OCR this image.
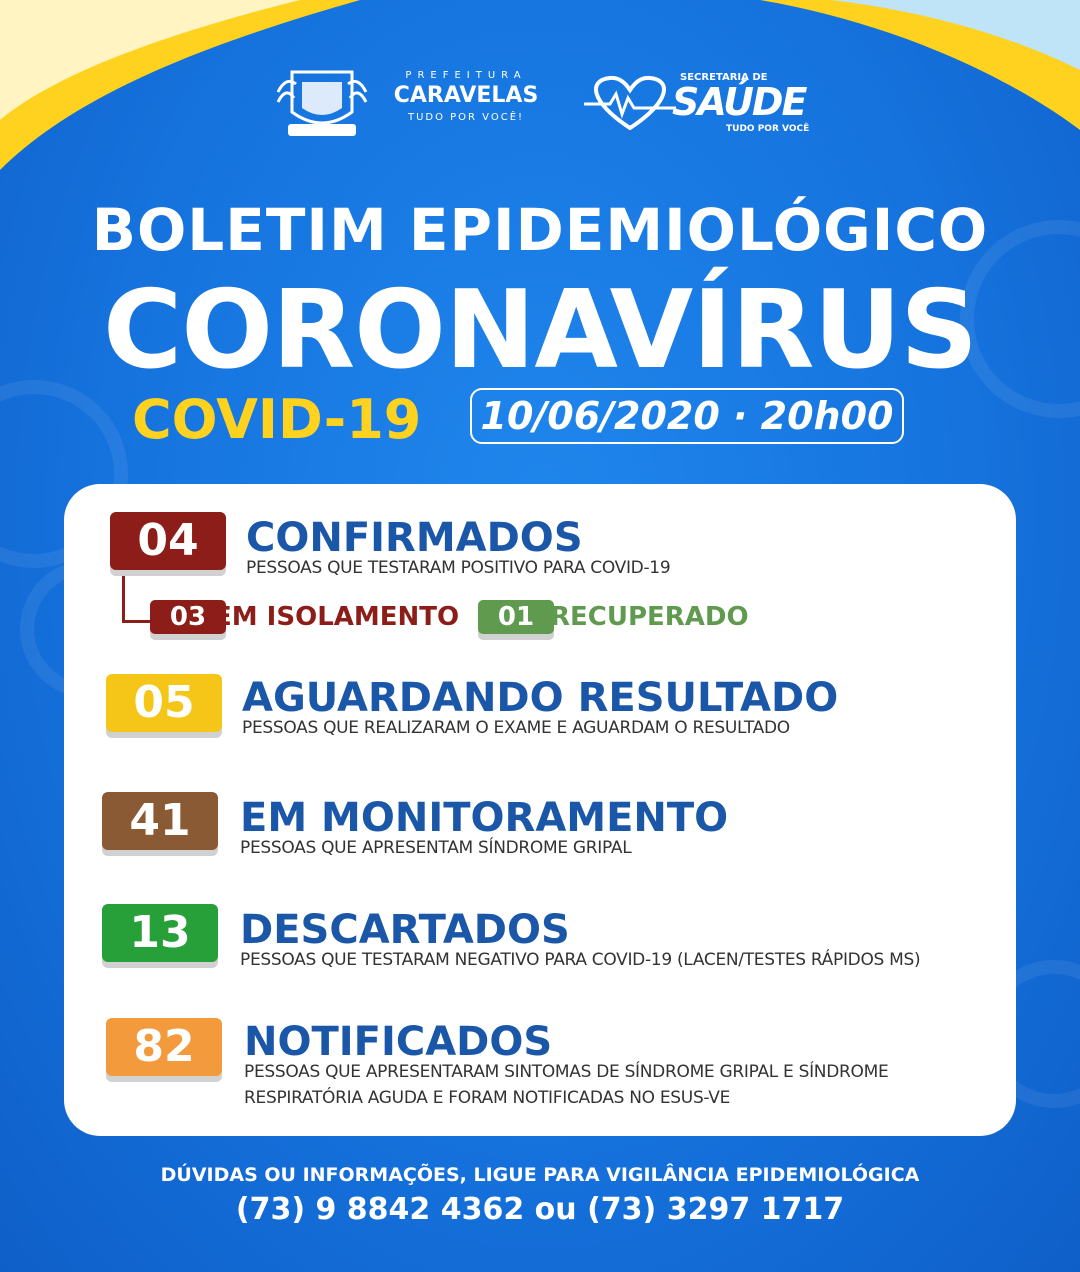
PREFEITURA
CARAVELAS
TUDO POR VOCÊ!
SECRETARIA DE
SAÚDE
TUDO POR VOCÊ
BOLETIM EPIDEMIOLÓGICO
CORONAVÍRUS
COVID-19 10/06/2020 · 20h00
04	CONFIRMADOS
PESSOAS QUE TESTARAM POSITIVO PARA COVID-19
03 EM ISOLAMENTO	01 RECUPERADO
05	AGUARDANDO RESULTADO
PESSOAS QUE REALIZARAM O EXAME E AGUARDAM O RESULTADO
41	EM MONITORAMENTO
PESSOAS QUE APRESENTAM SÍNDROME GRIPAL
13	DESCARTADOS
PESSOAS QUE TESTARAM NEGATIVO PARA COVID-19 (LACEN/TESTES RÁPIDOS MS)
82	NOTIFICADOS
PESSOAS QUE APRESENTARAM SINTOMAS DE SÍNDROME GRIPAL E SÍNDROME
RESPIRATÓRIA AGUDA E FORAM NOTIFICADAS NO ESUS-VE
DÚVIDAS OU INFORMAÇÕES, LIGUE PARA VIGILÂNCIA EPIDEMIOLÓGICA
(73) 9 8842 4362 ou (73) 3297 1717
